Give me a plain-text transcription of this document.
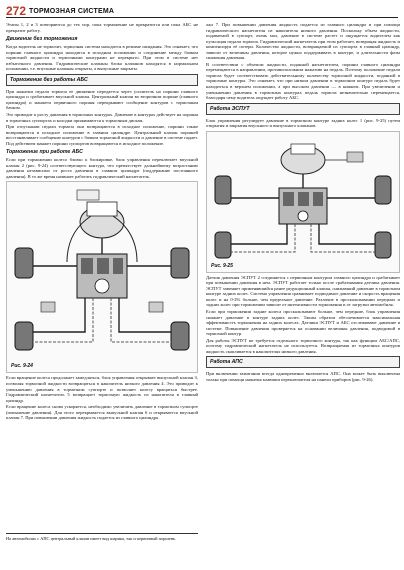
272 ТОРМОЗНАЯ СИСТЕМА

Этапы 1, 2 и 3 повторяются до тех пор, пока торможение не прекратится или пока АБС не прекратит работу.

Движение без торможения

Когда водитель не тормозит, тормозная система находится в режиме ожидания. Это означает, что поршни главного цилиндра находятся в исходном положении и соединение между бачком тормозной жидкости и тормозными контурами не перекрыто. При этом в системе нет избыточного давления. Гидравлические клапаны блока клапанов находятся в нормальном положении, т.е. впускные клапаны открыты, а выпускные закрыты.

Торможение без работы АБС

При нажатии педали тормоза ее движение передается через усилитель на поршни главного цилиндра и срабатывает впускной клапан. Центральный клапан во вторичном поршне (главного цилиндра) и манжета первичного поршня перекрывают сообщение контуров с тормозным бачком.

Это приводит к росту давления в тормозных контурах. Давление в контурах действует на поршни в тормозных суппортах и колодки прижимаются к тормозным дискам.

При отпускании педали тормоза они возвращаются в исходное положение, поршни также возвращаются в исходное положение в главном цилиндре. Центральный клапан поршней восстанавливает сообщение контуров с бачком тормозной жидкости и давление в системе падает. Под действием манжет поршни суппортов возвращаются в исходное положение.

Торможение при работе АБС

Если при торможении колесо близко к блокировке, блок управления переключает впускной клапан 2 (рис. 9-24) соответствующего контура, что препятствует дальнейшему возрастанию давления независимо от роста давления в главном цилиндре (поддержание постоянного давления). В то же время начинает работать гидравлический нагнетатель.

Рис. 9-24

Если вращение колеса продолжает замедляться, блок управления открывает выпускной клапан 3, позволяя тормозной жидкости возвращаться в накопитель низкого давления 4. Это приводит к уменьшению давления в тормозном суппорте и позволяет колесу вращаться быстрее. Гидравлический нагнетатель 5 возвращает тормозную жидкость из накопителя в главный цилиндр.

Если вращение колеса снова ускоряется, необходимо увеличить давление в тормозном суппорте (повышение давления). Для этого перекрывается выпускной клапан 6 и открывается впускной клапан 7. При повышении давления жидкость подается из главного цилиндра.

На автомобилях с АПС центральный клапан имеет вид шарика, так и первичный поршень.

лан 7. При повышении давления жидкость подается из главного цилиндра и при помощи гидравлического нагнетателя из накопителя низкого давления. Поскольку объем жидкости, подаваемой в суппорт, очень мал, давление в системе растет и ощущается водителем как пульсация педали тормоза. Гидравлический нагнетатель при этом работает, возвращая жидкость и компенсируя её потери. Количество жидкости, возвращаемой из суппорта в главный цилиндр, зависит от величины давления, которое нужно поддерживать в контуре, и длительности фазы снижения давления.

В соответствии с объемом жидкости, поданной нагнетателем, поршни главного цилиндра перемещаются в направлении, противоположном нажатию на педаль. Поэтому положение педали тормоза будет соответствовать действительному количеству тормозной жидкости, поданной в тормозные контуры. Это означает, что при низком давлении в тормозном контуре педаль будет находиться в верхнем положении, а при высоком давлении — в нижнем. При увеличении и уменьшении давления в тормозных контурах педаль тормоза незначительно перемещается, благодаря чему водитель ощущает работу АБС.

Работа ЭСПУТ

Блок управления регулирует давление в тормозном контуре задних колес 1 (рис. 9-25) путем открытия и закрытия впускного и выпускного клапанов.

Рис. 9-25

Датчик давления ЭСПУТ 2 соединяется с первичным контуром главного цилиндра и срабатывает при повышении давления в нем. ЭСПУТ работает только после срабатывания датчика давления. ЭСПУТ заменяет применявшийся ранее редукционный клапан, снижавший давление в тормозном контуре задних колес. Система управления сравнивает подводимое давление и скорость вращения колес и на 0-2% больше, чем предельное давление. Различие в проскальзывании передних и задних колес при торможении зависит от интенсивности торможения и от загрузки автомобиля.

Если при торможении задние колеса проскальзывают больше, чем передние, блок управления снижает давление в контуре задних колес. Таким образом обеспечивается максимальная эффективность торможения на задних колесах. Датчики ЭСПУТ и АБС отслеживают давление в системе. Повышение давления проверяется на основании величины давления, подводимой в тормозной контур.

Для работы ЭСПУТ не требуется отдельного тормозного контура, так как функции АБС/АПС, поэтому гидравлический нагнетатель не используется. Возвращаемая из тормозных контуров жидкость скапливается в накопителях низкого давления.

Работа АПС

При включении зажигания всегда одновременно включается АПС. Она может быть выключена только при помощи нажатия клавиши переключателя на панели приборов (рис. 9-26).
